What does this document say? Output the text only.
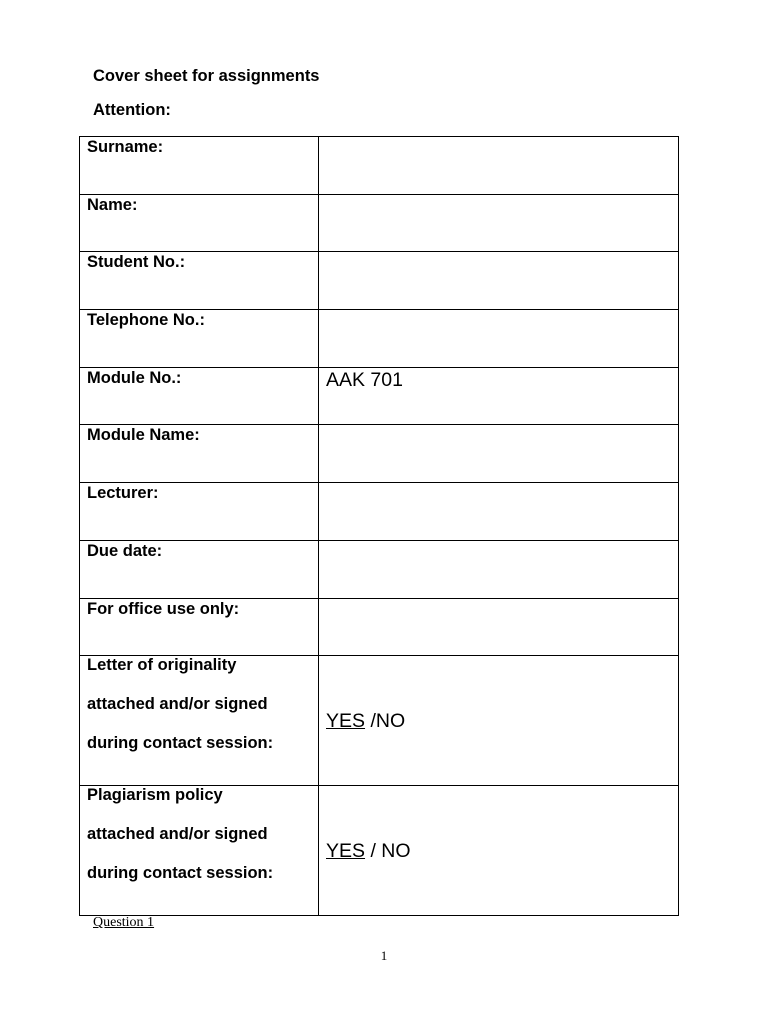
Cover sheet for assignments
Attention:
Surname:	

Name:	

Student No.:	

Telephone No.:	

Module No.:	AAK 701

Module Name:	

Lecturer:	

Due date:	

For office use only:	

Letter of originality
attached and/or signed
during contact session:	YES /NO

Plagiarism policy
attached and/or signed
during contact session:	YES / NO
Question 1
1
